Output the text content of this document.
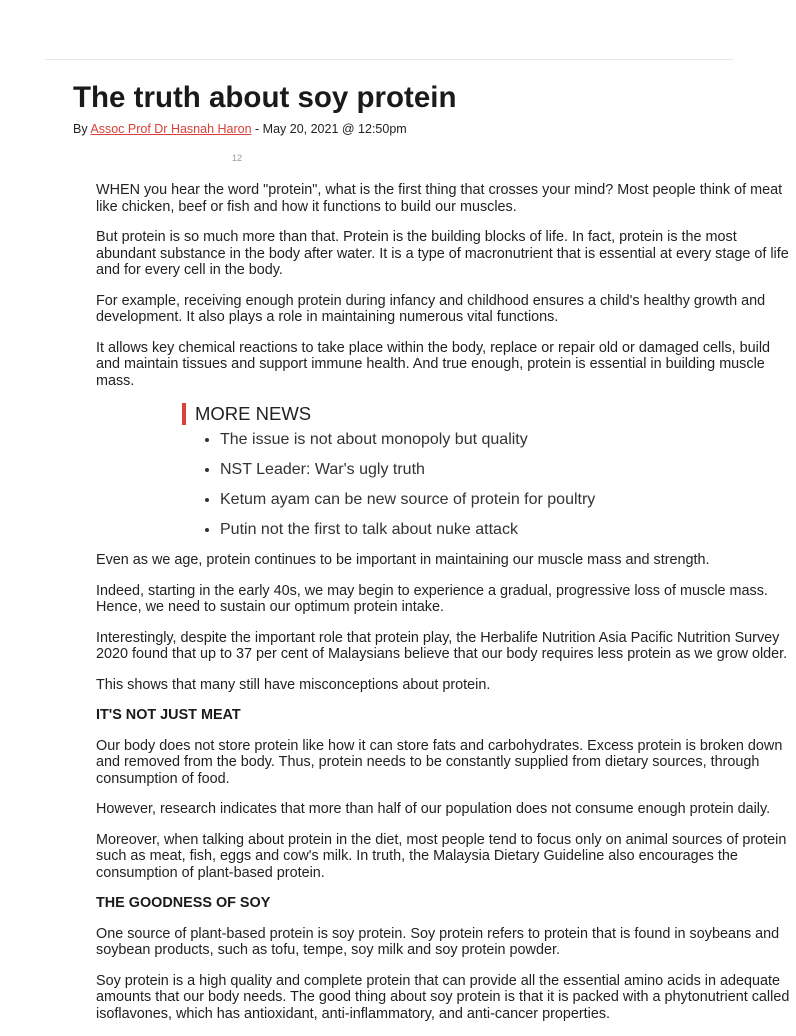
The truth about soy protein
By Assoc Prof Dr Hasnah Haron - May 20, 2021 @ 12:50pm
12

WHEN you hear the word "protein", what is the first thing that crosses your mind? Most people think of meat like chicken, beef or fish and how it functions to build our muscles.

But protein is so much more than that. Protein is the building blocks of life. In fact, protein is the most abundant substance in the body after water. It is a type of macronutrient that is essential at every stage of life and for every cell in the body.

For example, receiving enough protein during infancy and childhood ensures a child's healthy growth and development. It also plays a role in maintaining numerous vital functions.

It allows key chemical reactions to take place within the body, replace or repair old or damaged cells, build and maintain tissues and support immune health. And true enough, protein is essential in building muscle mass.

MORE NEWS
• The issue is not about monopoly but quality
• NST Leader: War's ugly truth
• Ketum ayam can be new source of protein for poultry
• Putin not the first to talk about nuke attack

Even as we age, protein continues to be important in maintaining our muscle mass and strength.

Indeed, starting in the early 40s, we may begin to experience a gradual, progressive loss of muscle mass. Hence, we need to sustain our optimum protein intake.

Interestingly, despite the important role that protein play, the Herbalife Nutrition Asia Pacific Nutrition Survey 2020 found that up to 37 per cent of Malaysians believe that our body requires less protein as we grow older.

This shows that many still have misconceptions about protein.

IT'S NOT JUST MEAT

Our body does not store protein like how it can store fats and carbohydrates. Excess protein is broken down and removed from the body. Thus, protein needs to be constantly supplied from dietary sources, through consumption of food.

However, research indicates that more than half of our population does not consume enough protein daily.

Moreover, when talking about protein in the diet, most people tend to focus only on animal sources of protein such as meat, fish, eggs and cow's milk. In truth, the Malaysia Dietary Guideline also encourages the consumption of plant-based protein.

THE GOODNESS OF SOY

One source of plant-based protein is soy protein. Soy protein refers to protein that is found in soybeans and soybean products, such as tofu, tempe, soy milk and soy protein powder.

Soy protein is a high quality and complete protein that can provide all the essential amino acids in adequate amounts that our body needs. The good thing about soy protein is that it is packed with a phytonutrient called isoflavones, which has antioxidant, anti-inflammatory, and anti-cancer properties.
